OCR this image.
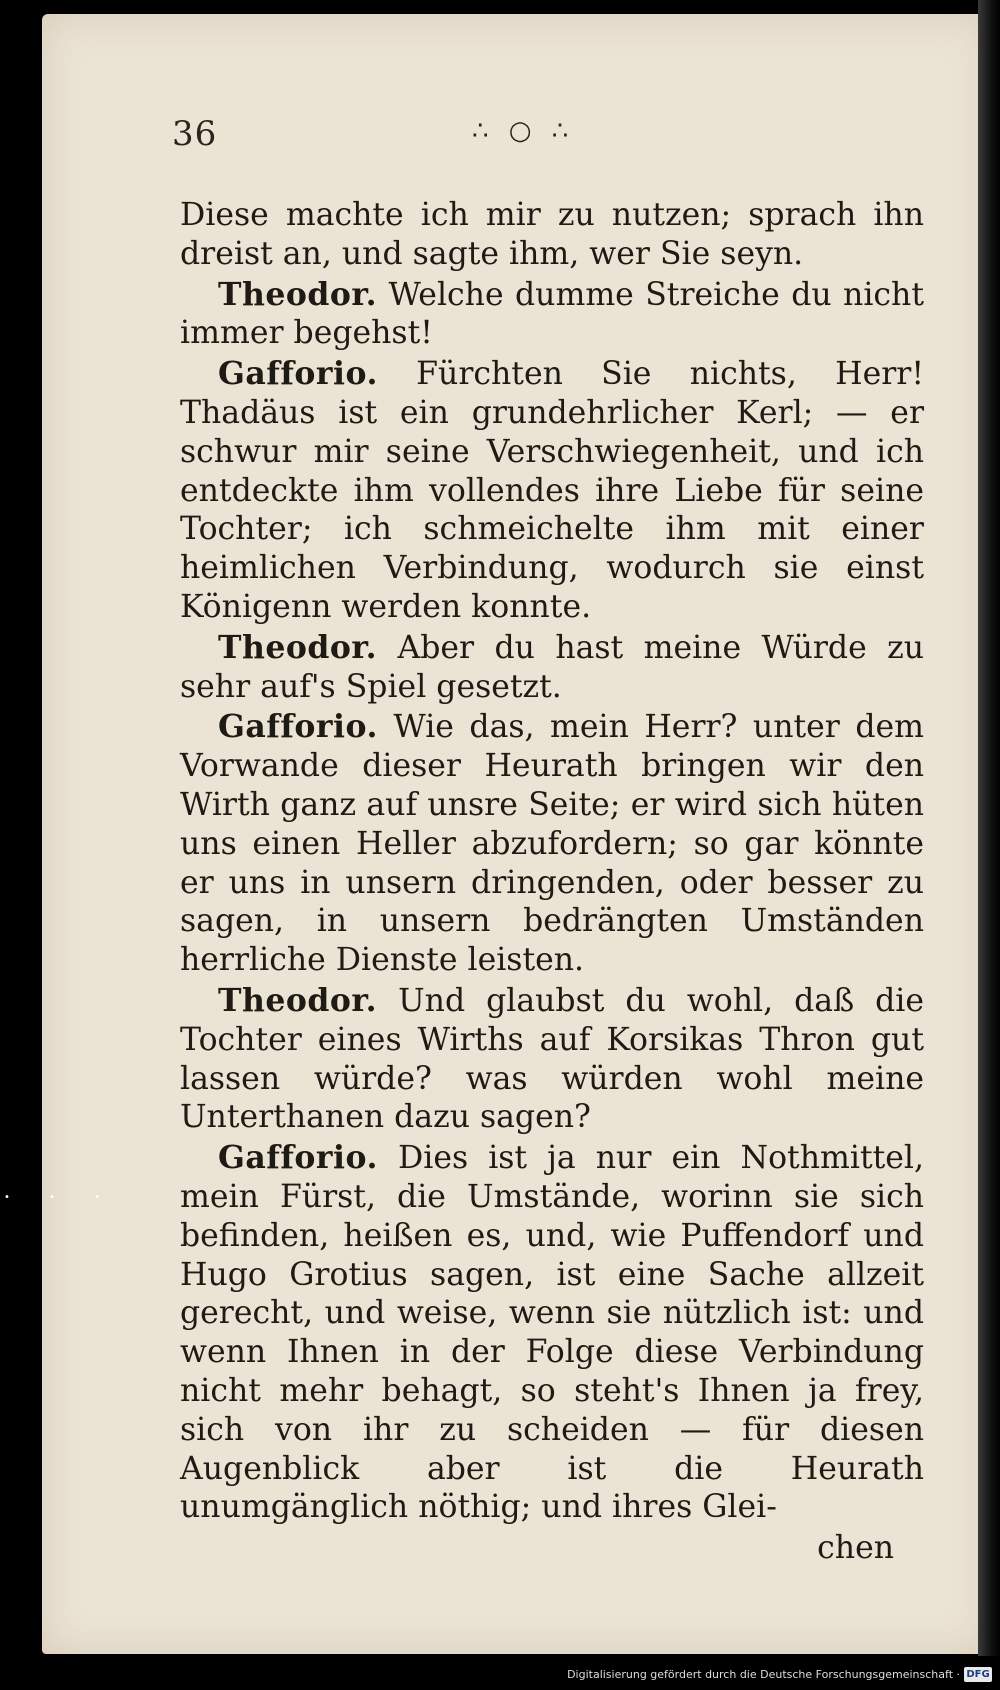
36	∴ ○ ∴

Diese machte ich mir zu nutzen; sprach ihn dreist an, und sagte ihm, wer Sie seyn.

Theodor. Welche dumme Streiche du nicht immer begehst!

Gafforio. Fürchten Sie nichts, Herr! Thadäus ist ein grundehrlicher Kerl; — er schwur mir seine Verschwiegenheit, und ich entdeckte ihm vollendes ihre Liebe für seine Tochter; ich schmeichelte ihm mit einer heimlichen Verbindung, wodurch sie einst Königenn werden konnte.

Theodor. Aber du hast meine Würde zu sehr auf's Spiel gesetzt.

Gafforio. Wie das, mein Herr? unter dem Vorwande dieser Heurath bringen wir den Wirth ganz auf unsre Seite; er wird sich hüten uns einen Heller abzufordern; so gar könnte er uns in unsern dringenden, oder besser zu sagen, in unsern bedrängten Umständen herrliche Dienste leisten.

Theodor. Und glaubst du wohl, daß die Tochter eines Wirths auf Korsikas Thron gut lassen würde? was würden wohl meine Unterthanen dazu sagen?

Gafforio. Dies ist ja nur ein Nothmittel, mein Fürst, die Umstände, worinn sie sich befinden, heißen es, und, wie Puffendorf und Hugo Grotius sagen, ist eine Sache allzeit gerecht, und weise, wenn sie nützlich ist: und wenn Ihnen in der Folge diese Verbindung nicht mehr behagt, so steht's Ihnen ja frey, sich von ihr zu scheiden — für diesen Augenblick aber ist die Heurath unumgänglich nöthig; und ihres Glei-

chen
• • •
Digitalisierung gefördert durch die Deutsche Forschungsgemeinschaft · DFG
